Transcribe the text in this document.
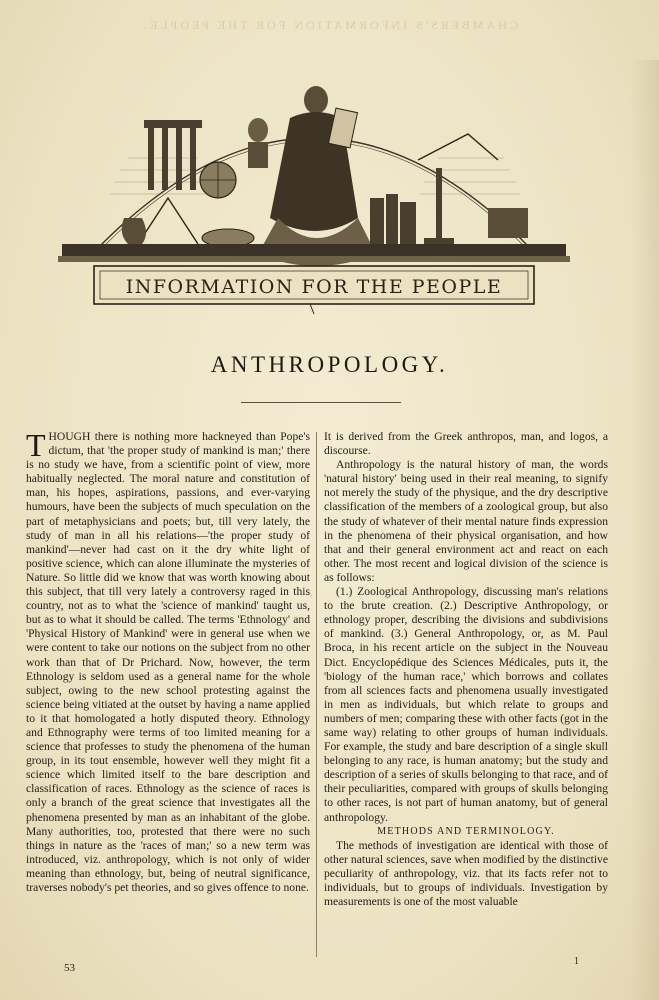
CHAMBERS'S INFORMATION FOR THE PEOPLE.
INFORMATION FOR THE PEOPLE
ANTHROPOLOGY.

THOUGH there is nothing more hackneyed than Pope's dictum, that 'the proper study of mankind is man;' there is no study we have, from a scientific point of view, more habitually neglected. The moral nature and constitution of man, his hopes, aspirations, passions, and ever-varying humours, have been the subjects of much speculation on the part of metaphysicians and poets; but, till very lately, the study of man in all his relations—'the proper study of mankind'—never had cast on it the dry white light of positive science, which can alone illuminate the mysteries of Nature. So little did we know that was worth knowing about this subject, that till very lately a controversy raged in this country, not as to what the 'science of mankind' taught us, but as to what it should be called. The terms 'Ethnology' and 'Physical History of Mankind' were in general use when we were content to take our notions on the subject from no other work than that of Dr Prichard. Now, however, the term Ethnology is seldom used as a general name for the whole subject, owing to the new school protesting against the science being vitiated at the outset by having a name applied to it that homologated a hotly disputed theory. Ethnology and Ethnography were terms of too limited meaning for a science that professes to study the phenomena of the human group, in its tout ensemble, however well they might fit a science which limited itself to the bare description and classification of races. Ethnology as the science of races is only a branch of the great science that investigates all the phenomena presented by man as an inhabitant of the globe. Many authorities, too, protested that there were no such things in nature as the 'races of man;' so a new term was introduced, viz. anthropology, which is not only of wider meaning than ethnology, but, being of neutral significance, traverses nobody's pet theories, and so gives offence to none.

It is derived from the Greek anthropos, man, and logos, a discourse.

Anthropology is the natural history of man, the words 'natural history' being used in their real meaning, to signify not merely the study of the physique, and the dry descriptive classification of the members of a zoological group, but also the study of whatever of their mental nature finds expression in the phenomena of their physical organisation, and how that and their general environment act and react on each other. The most recent and logical division of the science is as follows:

(1.) Zoological Anthropology, discussing man's relations to the brute creation. (2.) Descriptive Anthropology, or ethnology proper, describing the divisions and subdivisions of mankind. (3.) General Anthropology, or, as M. Paul Broca, in his recent article on the subject in the Nouveau Dict. Encyclopédique des Sciences Médicales, puts it, the 'biology of the human race,' which borrows and collates from all sciences facts and phenomena usually investigated in men as individuals, but which relate to groups and numbers of men; comparing these with other facts (got in the same way) relating to other groups of human individuals. For example, the study and bare description of a single skull belonging to any race, is human anatomy; but the study and description of a series of skulls belonging to that race, and of their peculiarities, compared with groups of skulls belonging to other races, is not part of human anatomy, but of general anthropology.

METHODS AND TERMINOLOGY.

The methods of investigation are identical with those of other natural sciences, save when modified by the distinctive peculiarity of anthropology, viz. that its facts refer not to individuals, but to groups of individuals. Investigation by measurements is one of the most valuable

53
1
